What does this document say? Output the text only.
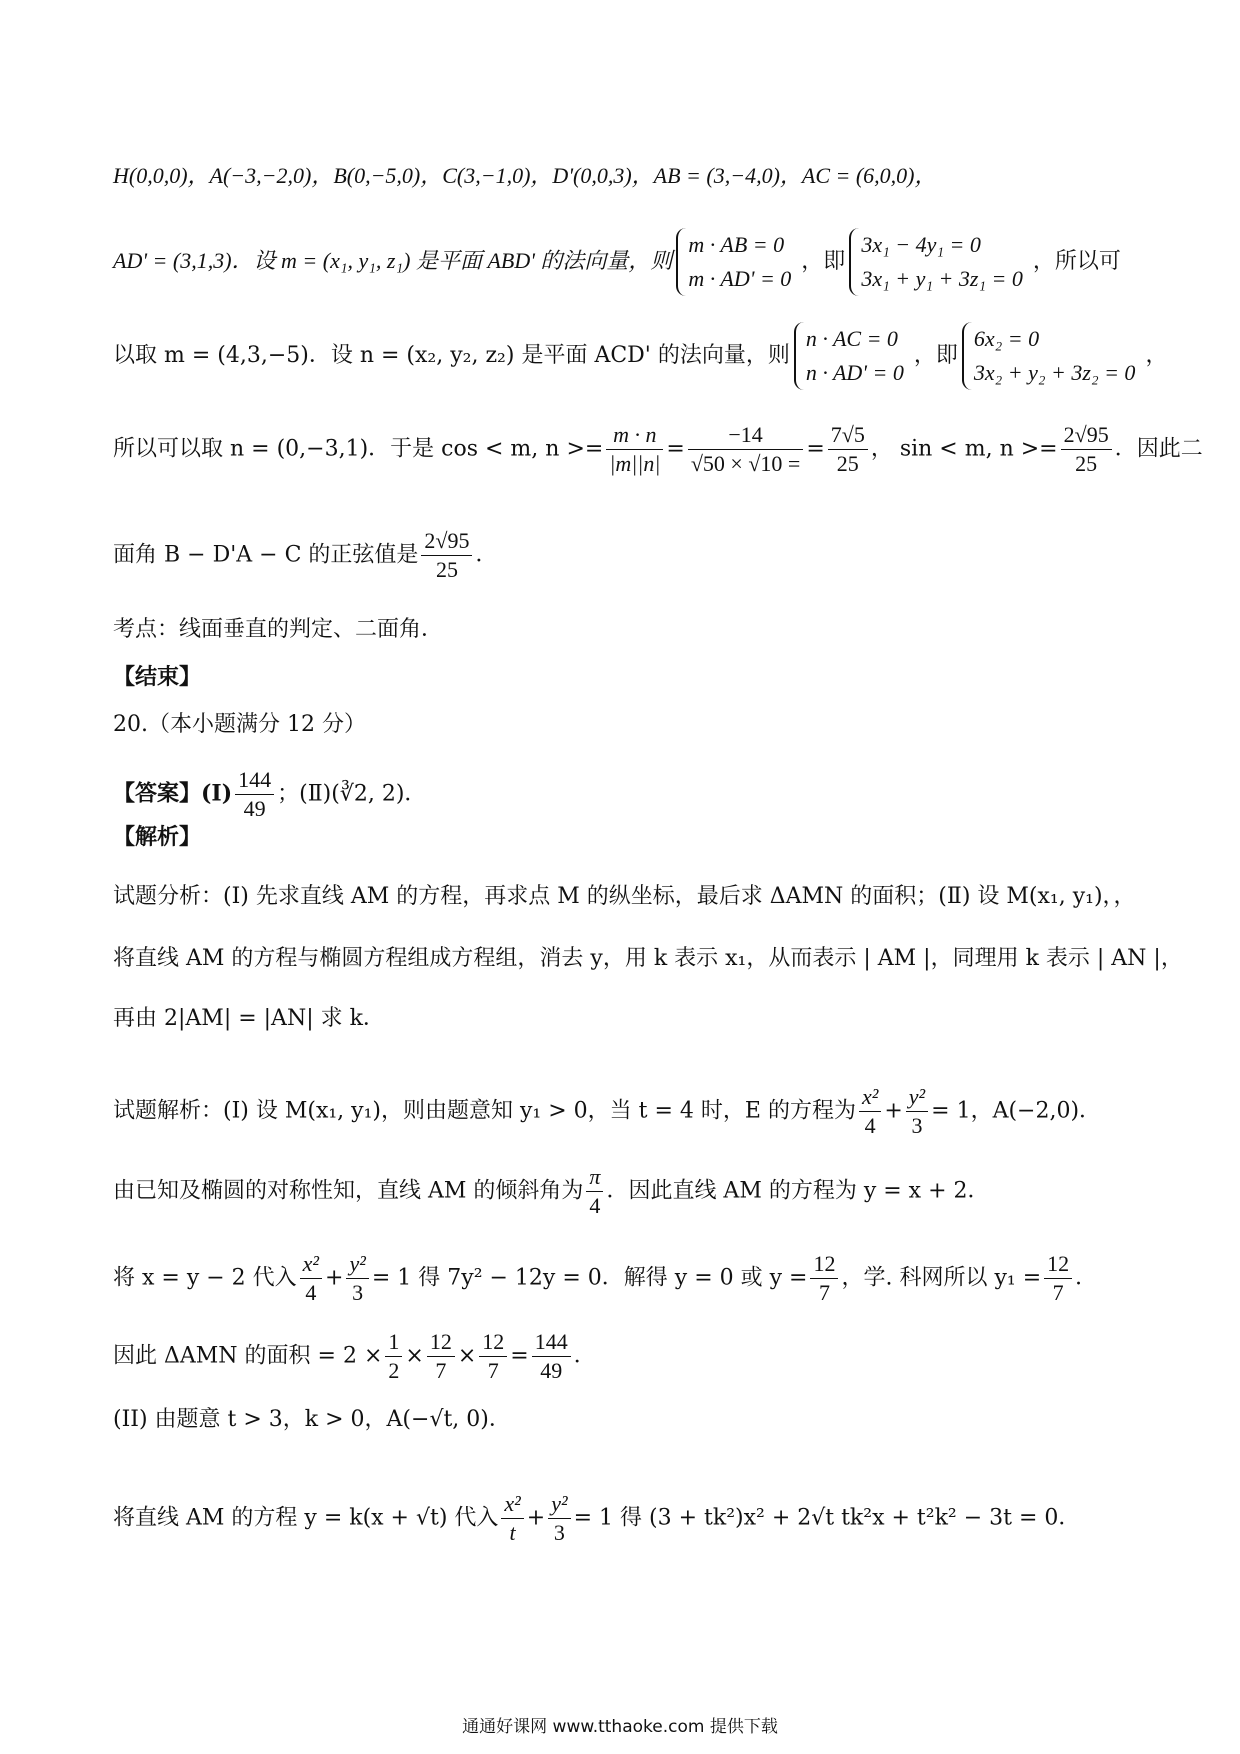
H(0,0,0)，A(−3,−2,0)，B(0,−5,0)，C(3,−1,0)，D'(0,0,3)，AB = (3,−4,0)，AC = (6,0,0)，
AD' = (3,1,3)．设 m = (x₁, y₁, z₁) 是平面 ABD' 的法向量，则
m · AB = 0
m · AD' = 0
，即
3x₁ − 4y₁ = 0
3x₁ + y₁ + 3z₁ = 0
，所以可
以取 m = (4,3,−5)．设 n = (x₂, y₂, z₂) 是平面 ACD' 的法向量，则
n · AC = 0
n · AD' = 0
，即
6x₂ = 0
3x₂ + y₂ + 3z₂ = 0
，
所以可以取 n = (0,−3,1)．于是 cos < m, $n >= \frac{m \cdot n}{|m||n|} = \frac{-14}{√50 \times √10 =} = \frac{7√5}{25}$ ， sin < m, $n >= \frac{2√95}{25}$ ．因此二
面角 B − D'A − C 的正弦值是 $\frac{2√95}{25}$ ．
考点：线面垂直的判定、二面角．
【结束】
20.（本小题满分 12 分）
【答案】(Ⅰ) $\frac{144}{49}$ ；(Ⅱ)(∛2, 2)．
【解析】
试题分析：(Ⅰ) 先求直线 AM 的方程，再求点 M 的纵坐标，最后求 ΔAMN 的面积；(Ⅱ) 设 M(x₁, y₁)，，
将直线 AM 的方程与椭圆方程组成方程组，消去 y，用 k 表示 x₁，从而表示 | AM |，同理用 k 表示 | AN |，
再由 2|AM| = |AN| 求 k．
试题解析：(I) 设 M(x₁, y₁)，则由题意知 y₁ > 0，当 t = 4 时，E 的方程为 $\frac{\text{x²}}{4} + \frac{\text{y²}}{3} = 1$，A(−2,0)．
由已知及椭圆的对称性知，直线 AM 的倾斜角为 $\frac{\pi}{4}$ ．因此直线 AM 的方程为 y = x + 2．
将 x = y − 2 代入 $\frac{\text{x²}}{4} + \frac{\text{y²}}{3} = 1$ 得 7y² − 12y = 0．解得 y = 0 或 $y = \frac{12}{7}$ ，学. 科网所以 $y_1 = \frac{12}{7}$ ．
因此 ΔAMN 的面积 = $2 \times \frac{1}{2} \times \frac{12}{7} \times \frac{12}{7} = \frac{144}{49}$ ．
(II) 由题意 t > 3，k > 0，A(−√t, 0)．
将直线 AM 的方程 y = k(x + √t) 代入 $\frac{\text{x²}}{t} + \frac{\text{y²}}{3} = 1$ 得 (3 + tk²)x² + 2√t tk²x + t²k² − 3t = 0．
通通好课网 www.tthaoke.com 提供下载
